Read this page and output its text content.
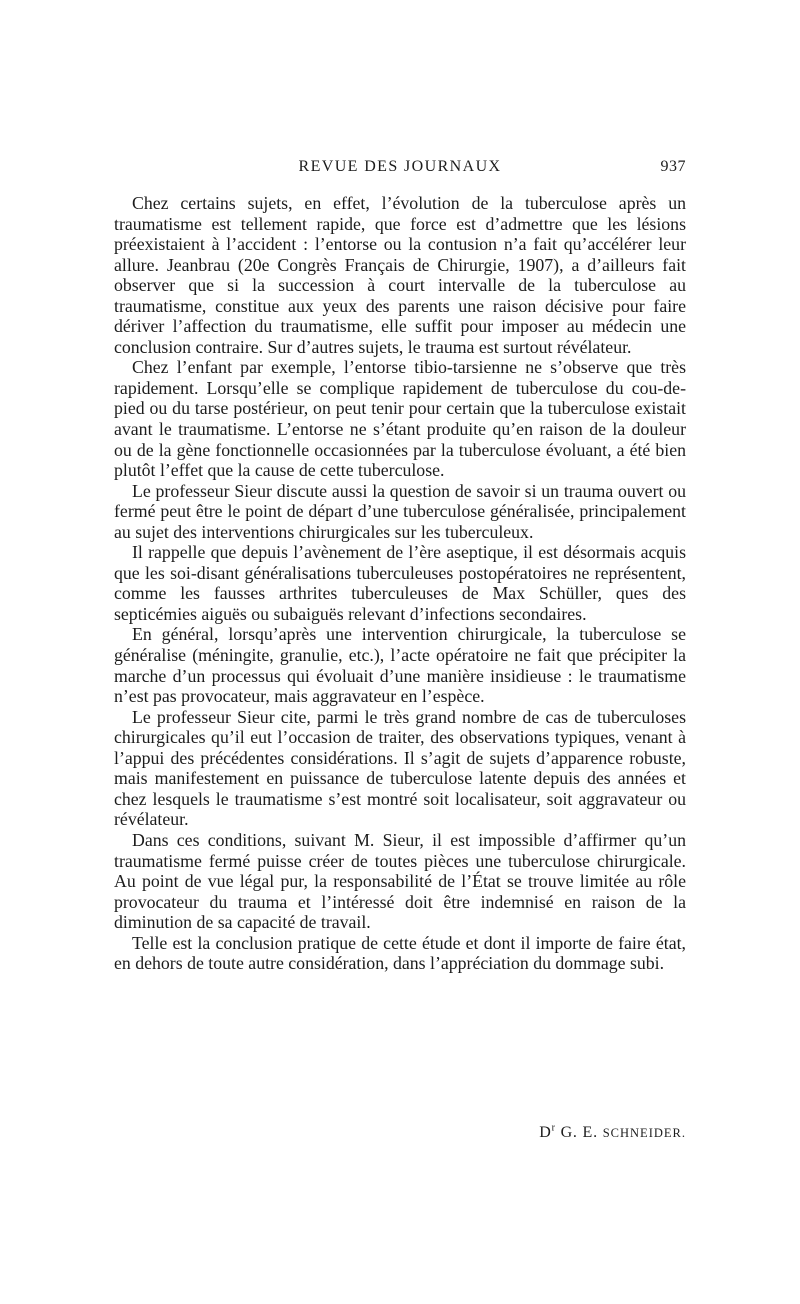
REVUE DES JOURNAUX	937

Chez certains sujets, en effet, l’évolution de la tuberculose après un traumatisme est tellement rapide, que force est d’admettre que les lésions préexistaient à l’accident : l’entorse ou la contusion n’a fait qu’accélérer leur allure. Jeanbrau (20e Congrès Français de Chirurgie, 1907), a d’ailleurs fait observer que si la succession à court intervalle de la tuberculose au traumatisme, constitue aux yeux des parents une raison décisive pour faire dériver l’affection du traumatisme, elle suffit pour imposer au médecin une conclusion contraire. Sur d’autres sujets, le trauma est surtout révélateur.

Chez l’enfant par exemple, l’entorse tibio-tarsienne ne s’observe que très rapidement. Lorsqu’elle se complique rapidement de tuberculose du cou-de-pied ou du tarse postérieur, on peut tenir pour certain que la tuberculose existait avant le traumatisme. L’entorse ne s’étant produite qu’en raison de la douleur ou de la gène fonctionnelle occasionnées par la tuberculose évoluant, a été bien plutôt l’effet que la cause de cette tuberculose.

Le professeur Sieur discute aussi la question de savoir si un trauma ouvert ou fermé peut être le point de départ d’une tuberculose généralisée, principalement au sujet des interventions chirurgicales sur les tuberculeux.

Il rappelle que depuis l’avènement de l’ère aseptique, il est désormais acquis que les soi-disant généralisations tuberculeuses postopératoires ne représentent, comme les fausses arthrites tuberculeuses de Max Schüller, ques des septicémies aiguës ou subaiguës relevant d’infections secondaires.

En général, lorsqu’après une intervention chirurgicale, la tuberculose se généralise (méningite, granulie, etc.), l’acte opératoire ne fait que précipiter la marche d’un processus qui évoluait d’une manière insidieuse : le traumatisme n’est pas provocateur, mais aggravateur en l’espèce.

Le professeur Sieur cite, parmi le très grand nombre de cas de tuberculoses chirurgicales qu’il eut l’occasion de traiter, des observations typiques, venant à l’appui des précédentes considérations. Il s’agit de sujets d’apparence robuste, mais manifestement en puissance de tuberculose latente depuis des années et chez lesquels le traumatisme s’est montré soit localisateur, soit aggravateur ou révélateur.

Dans ces conditions, suivant M. Sieur, il est impossible d’affirmer qu’un traumatisme fermé puisse créer de toutes pièces une tuberculose chirurgicale. Au point de vue légal pur, la responsabilité de l’État se trouve limitée au rôle provocateur du trauma et l’intéressé doit être indemnisé en raison de la diminution de sa capacité de travail.

Telle est la conclusion pratique de cette étude et dont il importe de faire état, en dehors de toute autre considération, dans l’appréciation du dommage subi.

$D^r$ G. E. SCHNEIDER.
